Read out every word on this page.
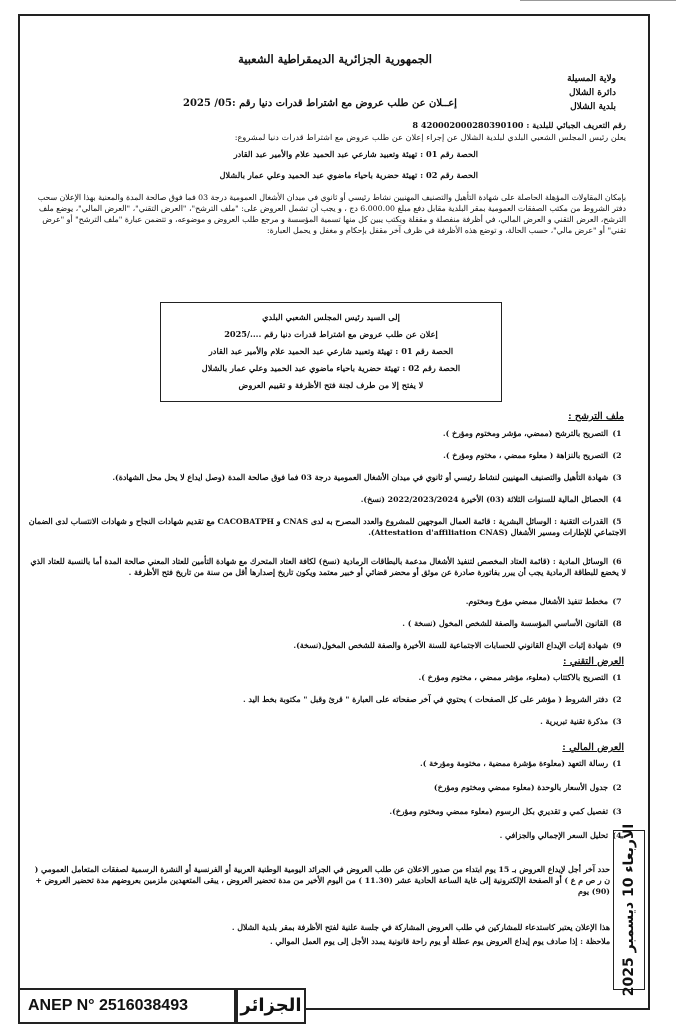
الجمهورية الجزائرية الديمقراطية الشعبية
ولاية المسيلة
دائرة الشلال
بلدية الشلال
إعــلان عن طلب عروض مع اشتراط قدرات دنيا رقم :05/ 2025
رقم التعريف الجبائي للبلدية : 420002000280390100 8
يعلن رئيس المجلس الشعبي البلدي لبلدية الشلال عن إجراء إعلان عن طلب عروض مع اشتراط قدرات دنيا لمشروع:
الحصة رقم 01 : تهيئة وتعبيد شارعي عبد الحميد علام والأمير عبد القادر
الحصة رقم 02 : تهيئة حضرية باحياء ماضوي عبد الحميد وعلي عمار بالشلال
بإمكان المقاولات المؤهلة الحاصلة على شهادة التأهيل والتصنيف المهنيين نشاط رئيسي أو ثانوي في ميدان الأشغال العمومية درجة 03 فما فوق صالحة المدة والمعنية بهذا الإعلان سحب دفتر الشروط من مكتب الصفقات العمومية بمقر البلدية مقابل دفع مبلغ 6.000.00 دج ، و يجب أن تشمل العروض على: "ملف الترشح"، "العرض التقني"، "العرض المالي"، يوضع ملف الترشح، العرض التقني و العرض المالي، في أظرفة منفصلة و مقفلة ويكتب يبين كل منها تسمية المؤسسة و مرجع طلب العروض و موضوعه، و تتضمن عبارة "ملف الترشح" أو "عرض تقني" أو "عرض مالي"، حسب الحالة، و توضع هذه الأظرفة في ظرف آخر مقفل بإحكام و مغفل و يحمل العبارة:
إلى السيد رئيس المجلس الشعبي البلدي
إعلان عن طلب عروض مع اشتراط قدرات دنيا رقم ..../2025
الحصة رقم 01 : تهيئة وتعبيد شارعي عبد الحميد علام والأمير عبد القادر
الحصة رقم 02 : تهيئة حضرية باحياء ماضوي عبد الحميد وعلي عمار بالشلال
لا يفتح إلا من طرف لجنة فتح الأظرفة و تقييم العروض
ملف الترشح :
1)التصريح بالترشح (ممضي، مؤشر ومختوم ومؤرخ ).
2)التصريح بالنزاهة ( معلوء ممضي ، مختوم ومؤرخ ).
3)شهادة التأهيل والتصنيف المهنيين لنشاط رئيسي أو ثانوي في ميدان الأشغال العمومية درجة 03 فما فوق صالحة المدة (وصل ايداع لا يحل محل الشهادة).
4)الحصائل المالية للسنوات الثلاثة (03) الأخيرة 2022/2023/2024 (نسخ).
5)القدرات التقنية : الوسائل البشرية : قائمة العمال الموجهين للمشروع والعدد المصرح به لدى CNAS و CACOBATPH مع تقديم شهادات النجاح و شهادات الانتساب لدى الضمان الاجتماعي للإطارات ومسير الأشغال (Attestation d'affiliation CNAS).
6)الوسائل المادية : (قائمة العتاد المخصص لتنفيذ الأشغال مدعمة بالبطاقات الرمادية (نسخ) لكافة العتاد المتحرك مع شهادة التأمين للعتاد المعني صالحة المدة أما بالنسبة للعتاد الذي لا يخضع للبطاقة الرمادية يجب أن يبرر بفاتورة صادرة عن موثق أو محضر قضائي أو خبير معتمد ويكون تاريخ إصدارها أقل من سنة من تاريخ فتح الأظرفة .
7)مخطط تنفيذ الأشغال ممضي مؤرخ ومختوم.
8)القانون الأساسي المؤسسة والصفة للشخص المخول (نسخة ) .
9)شهادة إثبات الإيداع القانوني للحسابات الاجتماعية للسنة الأخيرة والصفة للشخص المخول(نسخة).
العرض التقني :
1)التصريح بالاكتتاب (معلوء، مؤشر ممضي ، مختوم ومؤرخ ).
2)دفتر الشروط ( مؤشر على كل الصفحات ) يحتوي في آخر صفحاته على العبارة " قرئ وقبل " مكتوبة بخط اليد .
3)مذكرة تقنية تبريرية .
العرض المالي :
1)رسالة التعهد (معلوءة مؤشرة ممضية ، مختومة ومؤرخة ).
2)جدول الأسعار بالوحدة (معلوء ممضي ومختوم ومؤرخ)
3)تفصيل كمي و تقديري بكل الرسوم (معلوء ممضي ومختوم ومؤرخ).
4)تحليل السعر الإجمالي والجزافي .
حدد آخر أجل لإيداع العروض بـ 15 يوم ابتداء من صدور الاعلان عن طلب العروض في الجرائد اليومية الوطنية العربية أو الفرنسية أو النشرة الرسمية لصفقات المتعامل العمومي ( ن ر ص م ع ) أو الصفحة الإلكترونية إلى غاية الساعة الحادية عشر (11.30 ) من اليوم الأخير من مدة تحضير العروض ، يبقى المتعهدين ملزمين بعروضهم مدة تحضير العروض + (90) يوم
هذا الإعلان يعتبر كاستدعاء للمشاركين في طلب العروض المشاركة في جلسة علنية لفتح الأظرفة بمقر بلدية الشلال .
ملاحظة : إذا صادف يوم إيداع العروض يوم عطلة أو يوم راحة قانونية يمدد الأجل إلى يوم العمل الموالي .
الأربعاء 10 ديسمبر 2025
ANEP N° 2516038493	الجزائر
